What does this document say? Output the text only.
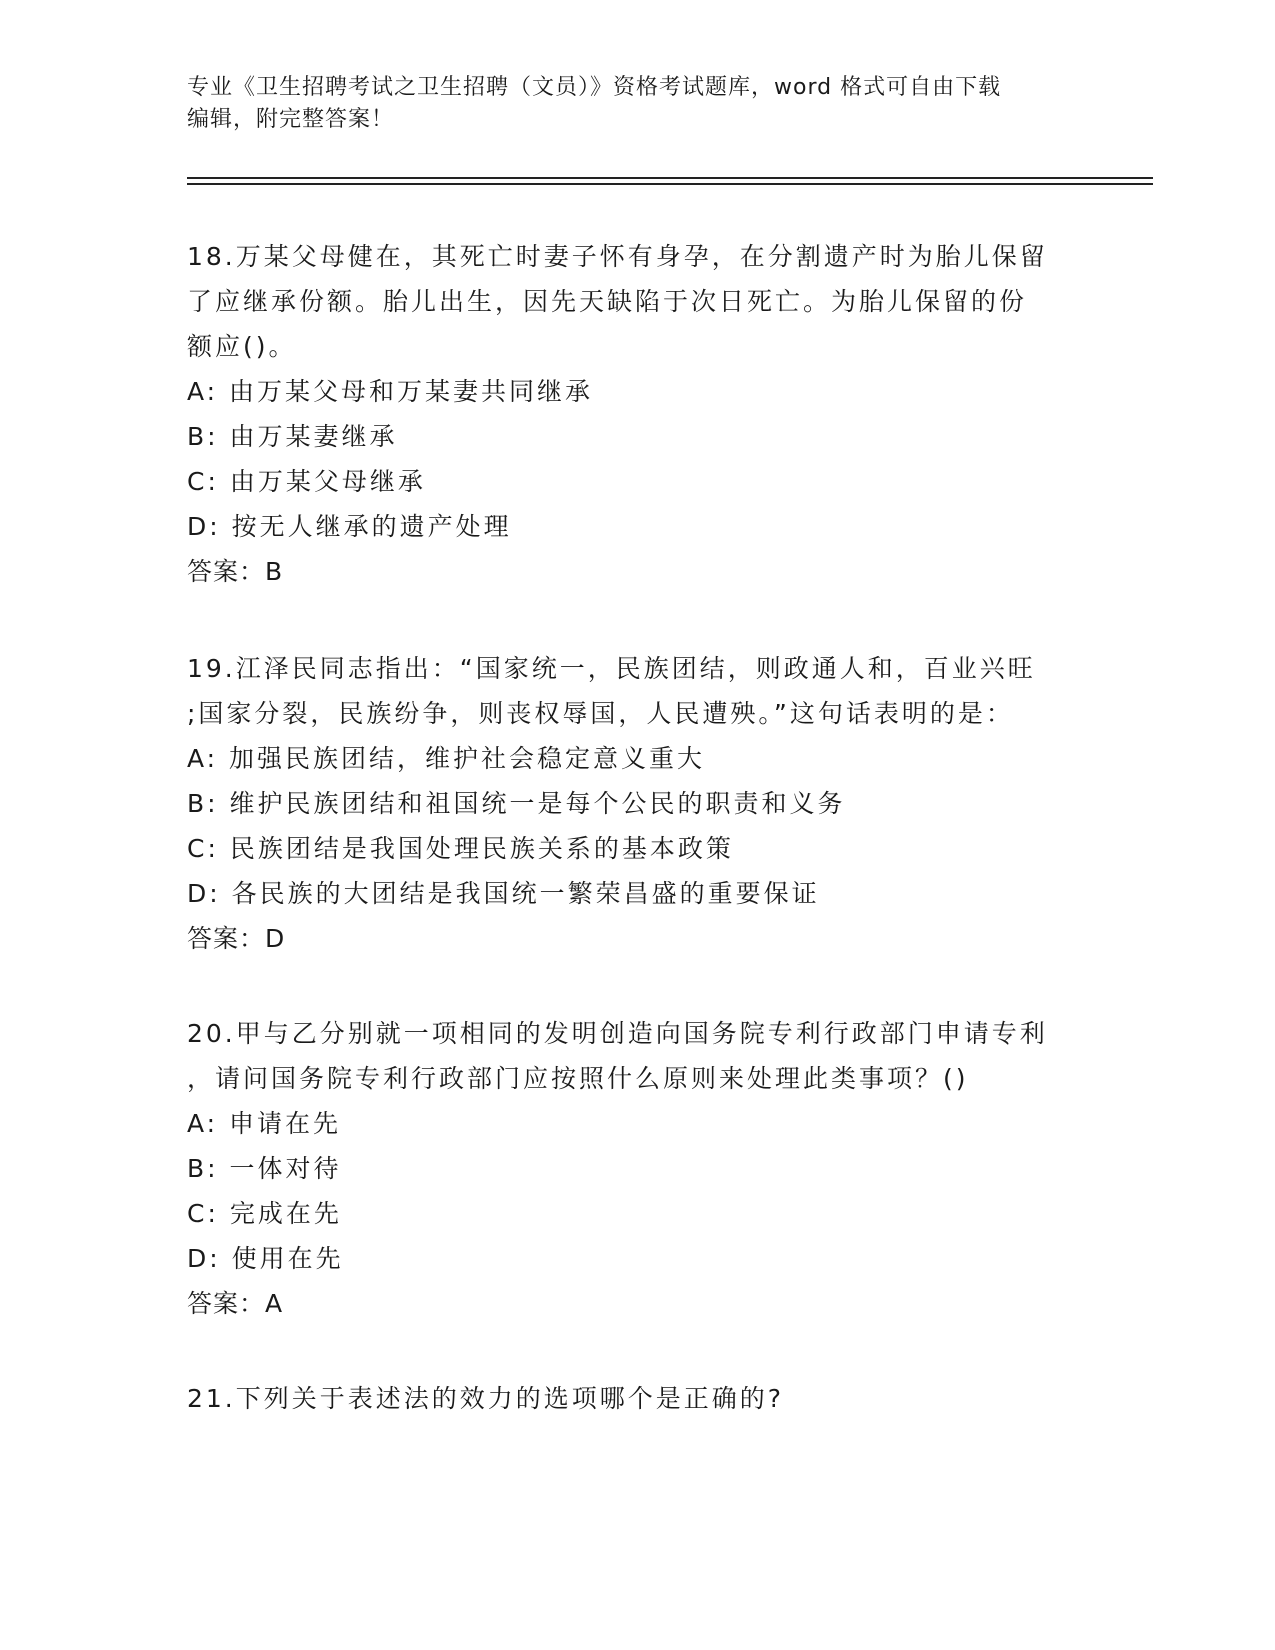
专业《卫生招聘考试之卫生招聘（文员）》资格考试题库，word 格式可自由下载
编辑，附完整答案！
18.万某父母健在，其死亡时妻子怀有身孕，在分割遗产时为胎儿保留
了应继承份额。胎儿出生，因先天缺陷于次日死亡。为胎儿保留的份
额应()。
A: 由万某父母和万某妻共同继承
B: 由万某妻继承
C: 由万某父母继承
D: 按无人继承的遗产处理
答案：B
19.江泽民同志指出：“国家统一，民族团结，则政通人和，百业兴旺
;国家分裂，民族纷争，则丧权辱国，人民遭殃。”这句话表明的是：
A: 加强民族团结，维护社会稳定意义重大
B: 维护民族团结和祖国统一是每个公民的职责和义务
C: 民族团结是我国处理民族关系的基本政策
D: 各民族的大团结是我国统一繁荣昌盛的重要保证
答案：D
20.甲与乙分别就一项相同的发明创造向国务院专利行政部门申请专利
，请问国务院专利行政部门应按照什么原则来处理此类事项？()
A: 申请在先
B: 一体对待
C: 完成在先
D: 使用在先
答案：A
21.下列关于表述法的效力的选项哪个是正确的?
